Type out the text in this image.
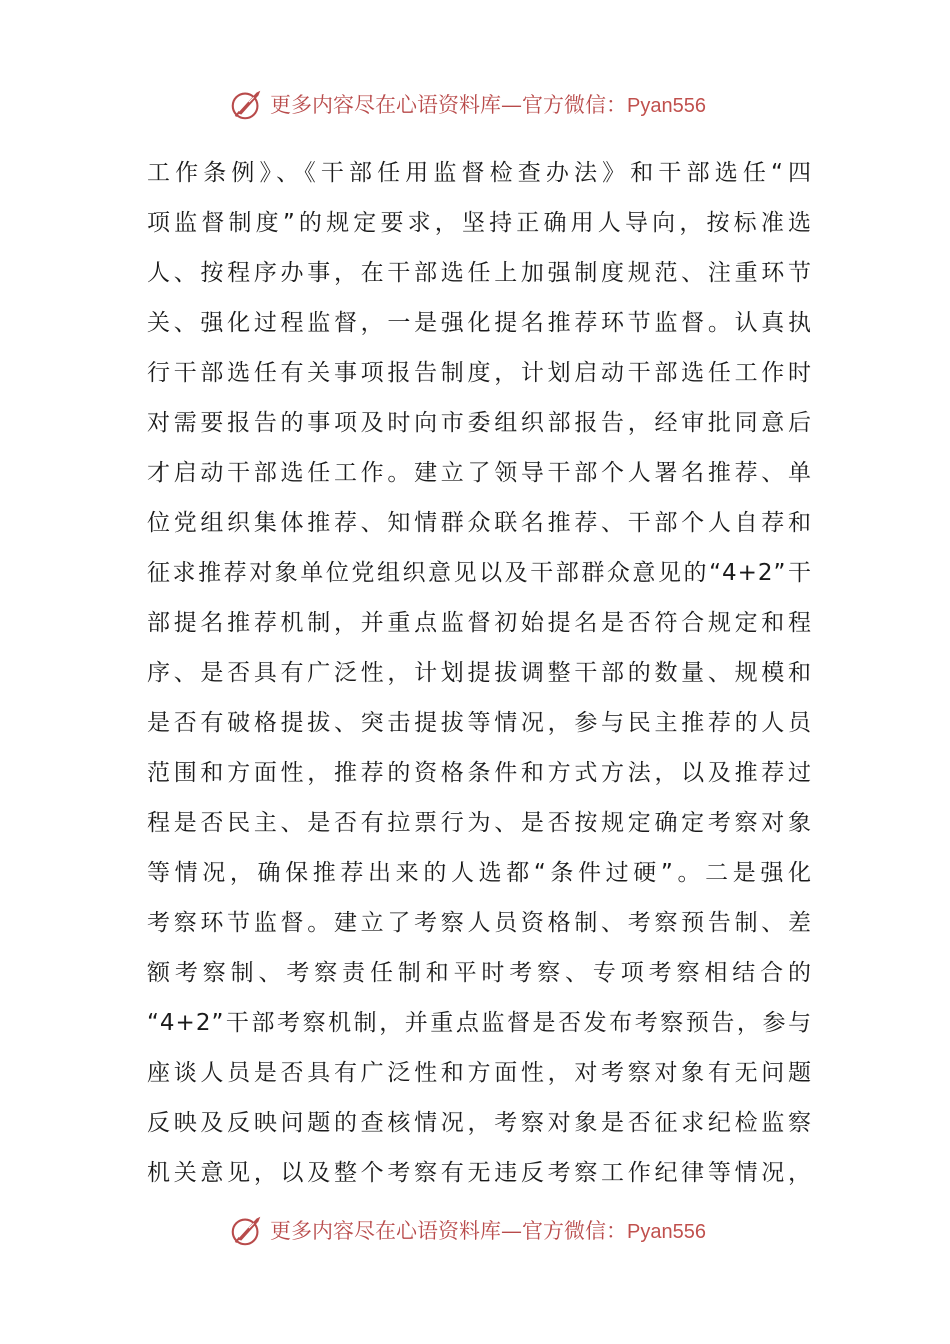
更多内容尽在心语资料库—官方微信：Pyan556
工作条例》、《干部任用监督检查办法》和干部选任“四
项监督制度”的规定要求，坚持正确用人导向，按标准选
人、按程序办事，在干部选任上加强制度规范、注重环节
关、强化过程监督，一是强化提名推荐环节监督。认真执
行干部选任有关事项报告制度，计划启动干部选任工作时
对需要报告的事项及时向市委组织部报告，经审批同意后
才启动干部选任工作。建立了领导干部个人署名推荐、单
位党组织集体推荐、知情群众联名推荐、干部个人自荐和
征求推荐对象单位党组织意见以及干部群众意见的“4+2”干
部提名推荐机制，并重点监督初始提名是否符合规定和程
序、是否具有广泛性，计划提拔调整干部的数量、规模和
是否有破格提拔、突击提拔等情况，参与民主推荐的人员
范围和方面性，推荐的资格条件和方式方法，以及推荐过
程是否民主、是否有拉票行为、是否按规定确定考察对象
等情况，确保推荐出来的人选都“条件过硬”。二是强化
考察环节监督。建立了考察人员资格制、考察预告制、差
额考察制、考察责任制和平时考察、专项考察相结合的
“4+2”干部考察机制，并重点监督是否发布考察预告，参与
座谈人员是否具有广泛性和方面性，对考察对象有无问题
反映及反映问题的查核情况，考察对象是否征求纪检监察
机关意见，以及整个考察有无违反考察工作纪律等情况，
更多内容尽在心语资料库—官方微信：Pyan556
